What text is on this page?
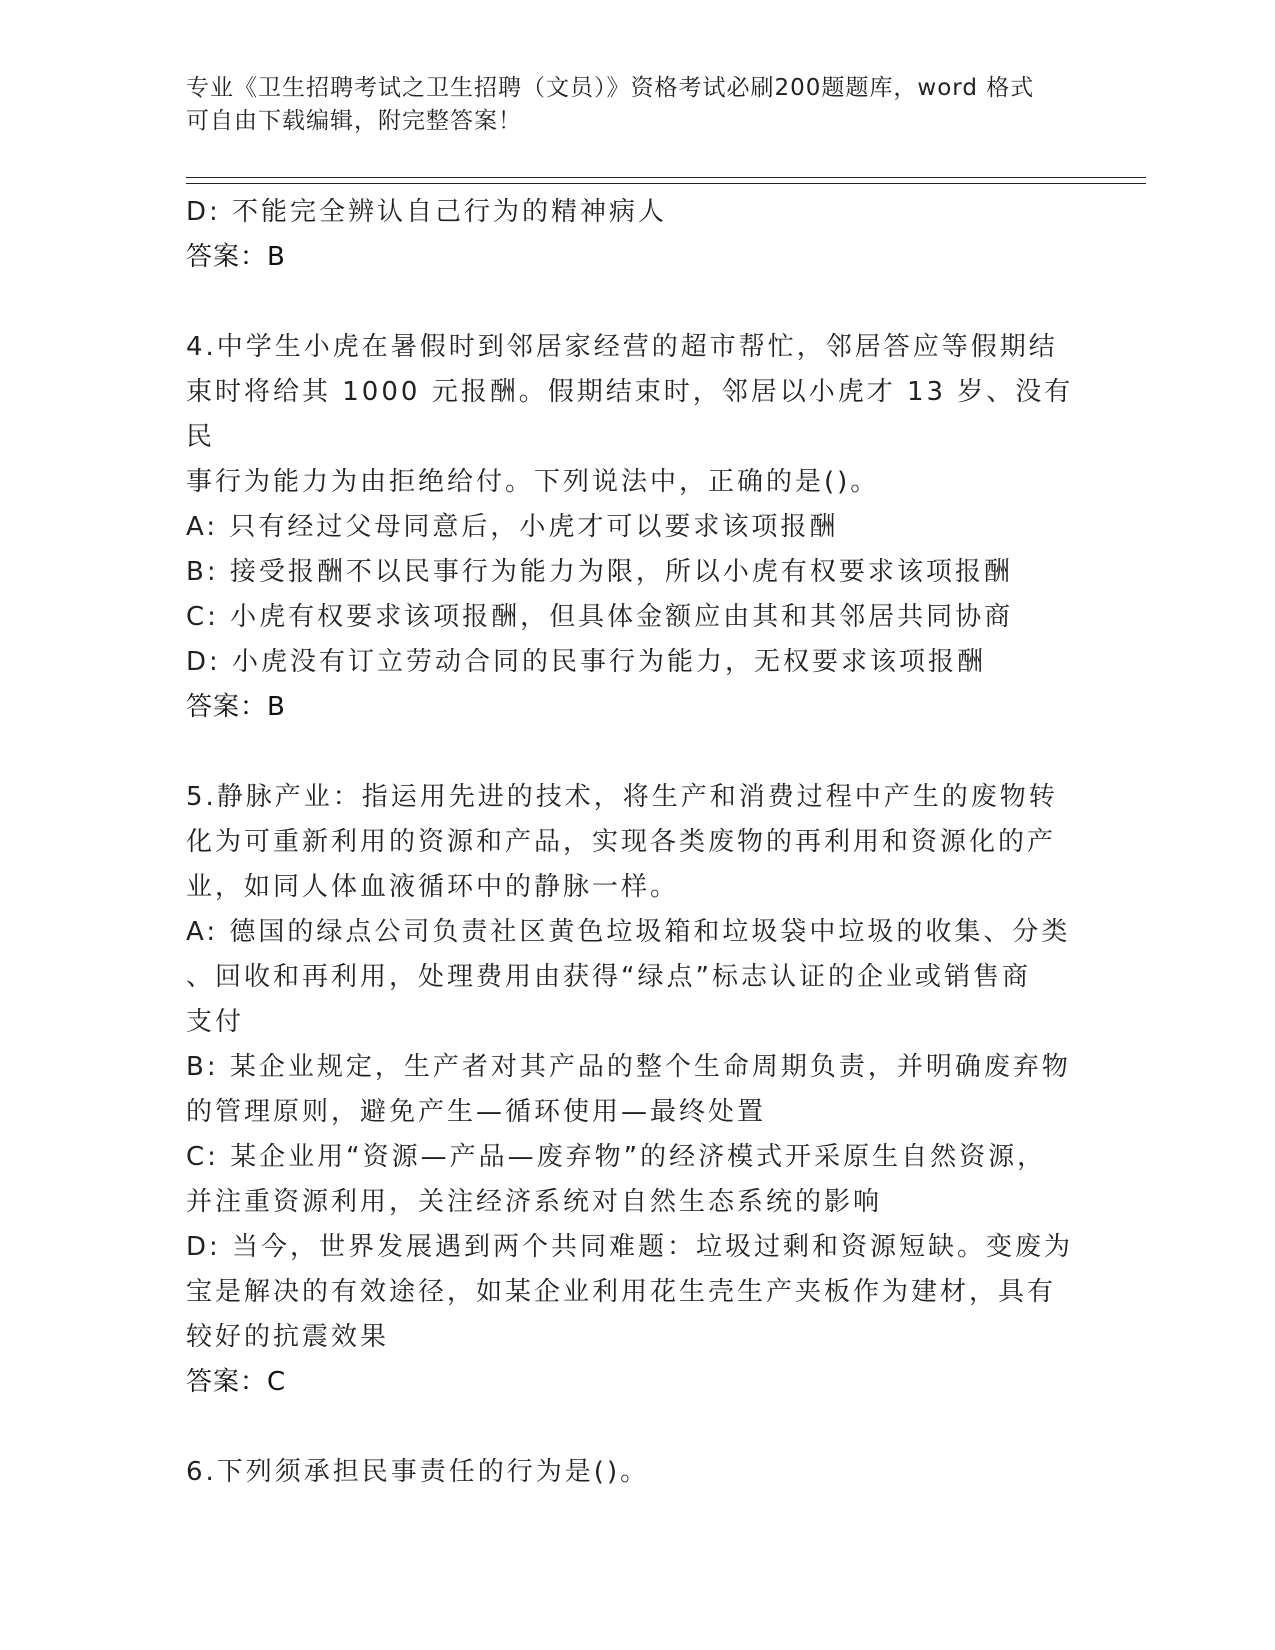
专业《卫生招聘考试之卫生招聘（文员）》资格考试必刷200题题库，word 格式
可自由下载编辑，附完整答案！

D: 不能完全辨认自己行为的精神病人

答案：B

4.中学生小虎在暑假时到邻居家经营的超市帮忙，邻居答应等假期结

束时将给其 1000 元报酬。假期结束时，邻居以小虎才 13 岁、没有民

事行为能力为由拒绝给付。下列说法中，正确的是()。

A: 只有经过父母同意后，小虎才可以要求该项报酬

B: 接受报酬不以民事行为能力为限，所以小虎有权要求该项报酬

C: 小虎有权要求该项报酬，但具体金额应由其和其邻居共同协商

D: 小虎没有订立劳动合同的民事行为能力，无权要求该项报酬

答案：B

5.静脉产业：指运用先进的技术，将生产和消费过程中产生的废物转

化为可重新利用的资源和产品，实现各类废物的再利用和资源化的产

业，如同人体血液循环中的静脉一样。

A: 德国的绿点公司负责社区黄色垃圾箱和垃圾袋中垃圾的收集、分类

、回收和再利用，处理费用由获得“绿点”标志认证的企业或销售商

支付

B: 某企业规定，生产者对其产品的整个生命周期负责，并明确废弃物

的管理原则，避免产生—循环使用—最终处置

C: 某企业用“资源—产品—废弃物”的经济模式开采原生自然资源，

并注重资源利用，关注经济系统对自然生态系统的影响

D: 当今，世界发展遇到两个共同难题：垃圾过剩和资源短缺。变废为

宝是解决的有效途径，如某企业利用花生壳生产夹板作为建材，具有

较好的抗震效果

答案：C

6.下列须承担民事责任的行为是()。
